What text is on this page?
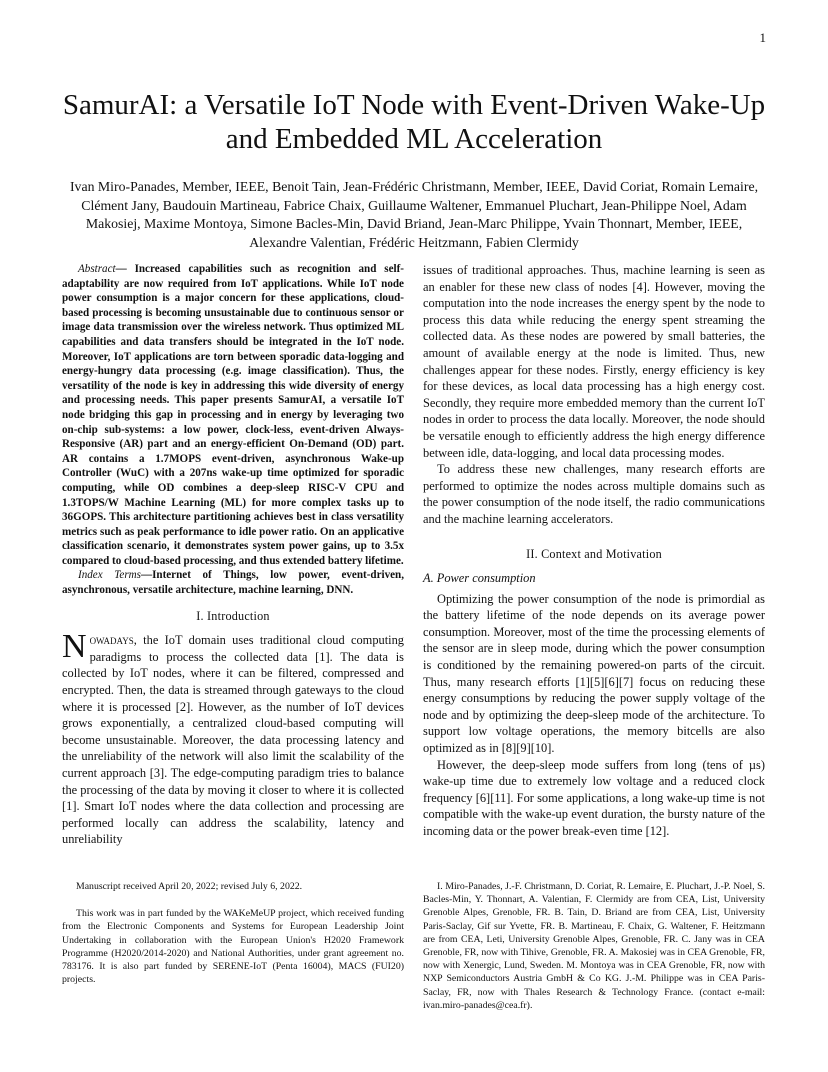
1
SamurAI: a Versatile IoT Node with Event-Driven Wake-Up and Embedded ML Acceleration

Ivan Miro-Panades, Member, IEEE, Benoit Tain, Jean-Frédéric Christmann, Member, IEEE, David Coriat, Romain Lemaire, Clément Jany, Baudouin Martineau, Fabrice Chaix, Guillaume Waltener, Emmanuel Pluchart, Jean-Philippe Noel, Adam Makosiej, Maxime Montoya, Simone Bacles-Min, David Briand, Jean-Marc Philippe, Yvain Thonnart, Member, IEEE, Alexandre Valentian, Frédéric Heitzmann, Fabien Clermidy

Abstract— Increased capabilities such as recognition and self-adaptability are now required from IoT applications. While IoT node power consumption is a major concern for these applications, cloud-based processing is becoming unsustainable due to continuous sensor or image data transmission over the wireless network. Thus optimized ML capabilities and data transfers should be integrated in the IoT node. Moreover, IoT applications are torn between sporadic data-logging and energy-hungry data processing (e.g. image classification). Thus, the versatility of the node is key in addressing this wide diversity of energy and processing needs. This paper presents SamurAI, a versatile IoT node bridging this gap in processing and in energy by leveraging two on-chip sub-systems: a low power, clock-less, event-driven Always-Responsive (AR) part and an energy-efficient On-Demand (OD) part. AR contains a 1.7MOPS event-driven, asynchronous Wake-up Controller (WuC) with a 207ns wake-up time optimized for sporadic computing, while OD combines a deep-sleep RISC-V CPU and 1.3TOPS/W Machine Learning (ML) for more complex tasks up to 36GOPS. This architecture partitioning achieves best in class versatility metrics such as peak performance to idle power ratio. On an applicative classification scenario, it demonstrates system power gains, up to 3.5x compared to cloud-based processing, and thus extended battery lifetime.

Index Terms—Internet of Things, low power, event-driven, asynchronous, versatile architecture, machine learning, DNN.

I. Introduction

Nowadays, the IoT domain uses traditional cloud computing paradigms to process the collected data [1]. The data is collected by IoT nodes, where it can be filtered, compressed and encrypted. Then, the data is streamed through gateways to the cloud where it is processed [2]. However, as the number of IoT devices grows exponentially, a centralized cloud-based computing will become unsustainable. Moreover, the data processing latency and the unreliability of the network will also limit the scalability of the current approach [3]. The edge-computing paradigm tries to balance the processing of the data by moving it closer to where it is collected [1]. Smart IoT nodes where the data collection and processing are performed locally can address the scalability, latency and unreliability

issues of traditional approaches. Thus, machine learning is seen as an enabler for these new class of nodes [4]. However, moving the computation into the node increases the energy spent by the node to process this data while reducing the energy spent streaming the collected data. As these nodes are powered by small batteries, the amount of available energy at the node is limited. Thus, new challenges appear for these nodes. Firstly, energy efficiency is key for these devices, as local data processing has a high energy cost. Secondly, they require more embedded memory than the current IoT nodes in order to process the data locally. Moreover, the node should be versatile enough to efficiently address the high energy difference between idle, data-logging, and local data processing modes.

To address these new challenges, many research efforts are performed to optimize the nodes across multiple domains such as the power consumption of the node itself, the radio communications and the machine learning accelerators.

II. Context and Motivation
A. Power consumption

Optimizing the power consumption of the node is primordial as the battery lifetime of the node depends on its average power consumption. Moreover, most of the time the processing elements of the sensor are in sleep mode, during which the power consumption is conditioned by the remaining powered-on parts of the circuit. Thus, many research efforts [1][5][6][7] focus on reducing these energy consumptions by reducing the power supply voltage of the node and by optimizing the deep-sleep mode of the architecture. To support low voltage operations, the memory bitcells are also optimized as in [8][9][10].

However, the deep-sleep mode suffers from long (tens of µs) wake-up time due to extremely low voltage and a reduced clock frequency [6][11]. For some applications, a long wake-up time is not compatible with the wake-up event duration, the bursty nature of the incoming data or the power break-even time [12].

Manuscript received April 20, 2022; revised July 6, 2022.

This work was in part funded by the WAKeMeUP project, which received funding from the Electronic Components and Systems for European Leadership Joint Undertaking in collaboration with the European Union's H2020 Framework Programme (H2020/2014-2020) and National Authorities, under grant agreement no. 783176. It is also part funded by SERENE-IoT (Penta 16004), MACS (FUI20) projects.

I. Miro-Panades, J.-F. Christmann, D. Coriat, R. Lemaire, E. Pluchart, J.-P. Noel, S. Bacles-Min, Y. Thonnart, A. Valentian, F. Clermidy are from CEA, List, University Grenoble Alpes, Grenoble, FR. B. Tain, D. Briand are from CEA, List, University Paris-Saclay, Gif sur Yvette, FR. B. Martineau, F. Chaix, G. Waltener, F. Heitzmann are from CEA, Leti, University Grenoble Alpes, Grenoble, FR. C. Jany was in CEA Grenoble, FR, now with Tihive, Grenoble, FR. A. Makosiej was in CEA Grenoble, FR, now with Xenergic, Lund, Sweden. M. Montoya was in CEA Grenoble, FR, now with NXP Semiconductors Austria GmbH & Co KG. J.-M. Philippe was in CEA Paris-Saclay, FR, now with Thales Research & Technology France. (contact e-mail: ivan.miro-panades@cea.fr).
